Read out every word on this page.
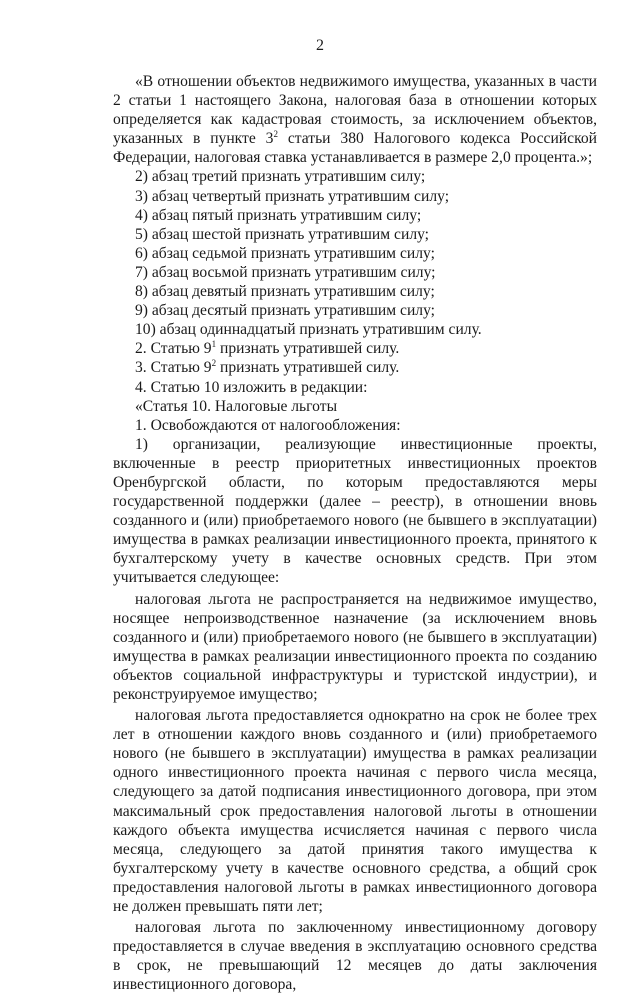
2

«В отношении объектов недвижимого имущества, указанных в части 2 статьи 1 настоящего Закона, налоговая база в отношении которых определяется как кадастровая стоимость, за исключением объектов, указанных в пункте $3^2$ статьи 380 Налогового кодекса Российской Федерации, налоговая ставка устанавливается в размере 2,0 процента.»;

2) абзац третий признать утратившим силу;
3) абзац четвертый признать утратившим силу;
4) абзац пятый признать утратившим силу;
5) абзац шестой признать утратившим силу;
6) абзац седьмой признать утратившим силу;
7) абзац восьмой признать утратившим силу;
8) абзац девятый признать утратившим силу;
9) абзац десятый признать утратившим силу;
10) абзац одиннадцатый признать утратившим силу.
2. Статью $9^1$ признать утратившей силу.
3. Статью $9^2$ признать утратившей силу.
4. Статью 10 изложить в редакции:
«Статья 10. Налоговые льготы
1. Освобождаются от налогообложения:

1) организации, реализующие инвестиционные проекты, включенные в реестр приоритетных инвестиционных проектов Оренбургской области, по которым предоставляются меры государственной поддержки (далее – реестр), в отношении вновь созданного и (или) приобретаемого нового (не бывшего в эксплуатации) имущества в рамках реализации инвестиционного проекта, принятого к бухгалтерскому учету в качестве основных средств. При этом учитывается следующее:

налоговая льгота не распространяется на недвижимое имущество, носящее непроизводственное назначение (за исключением вновь созданного и (или) приобретаемого нового (не бывшего в эксплуатации) имущества в рамках реализации инвестиционного проекта по созданию объектов социальной инфраструктуры и туристской индустрии), и реконструируемое имущество;

налоговая льгота предоставляется однократно на срок не более трех лет в отношении каждого вновь созданного и (или) приобретаемого нового (не бывшего в эксплуатации) имущества в рамках реализации одного инвестиционного проекта начиная с первого числа месяца, следующего за датой подписания инвестиционного договора, при этом максимальный срок предоставления налоговой льготы в отношении каждого объекта имущества исчисляется начиная с первого числа месяца, следующего за датой принятия такого имущества к бухгалтерскому учету в качестве основного средства, а общий срок предоставления налоговой льготы в рамках инвестиционного договора не должен превышать пяти лет;

налоговая льгота по заключенному инвестиционному договору предоставляется в случае введения в эксплуатацию основного средства в срок, не превышающий 12 месяцев до даты заключения инвестиционного договора,
